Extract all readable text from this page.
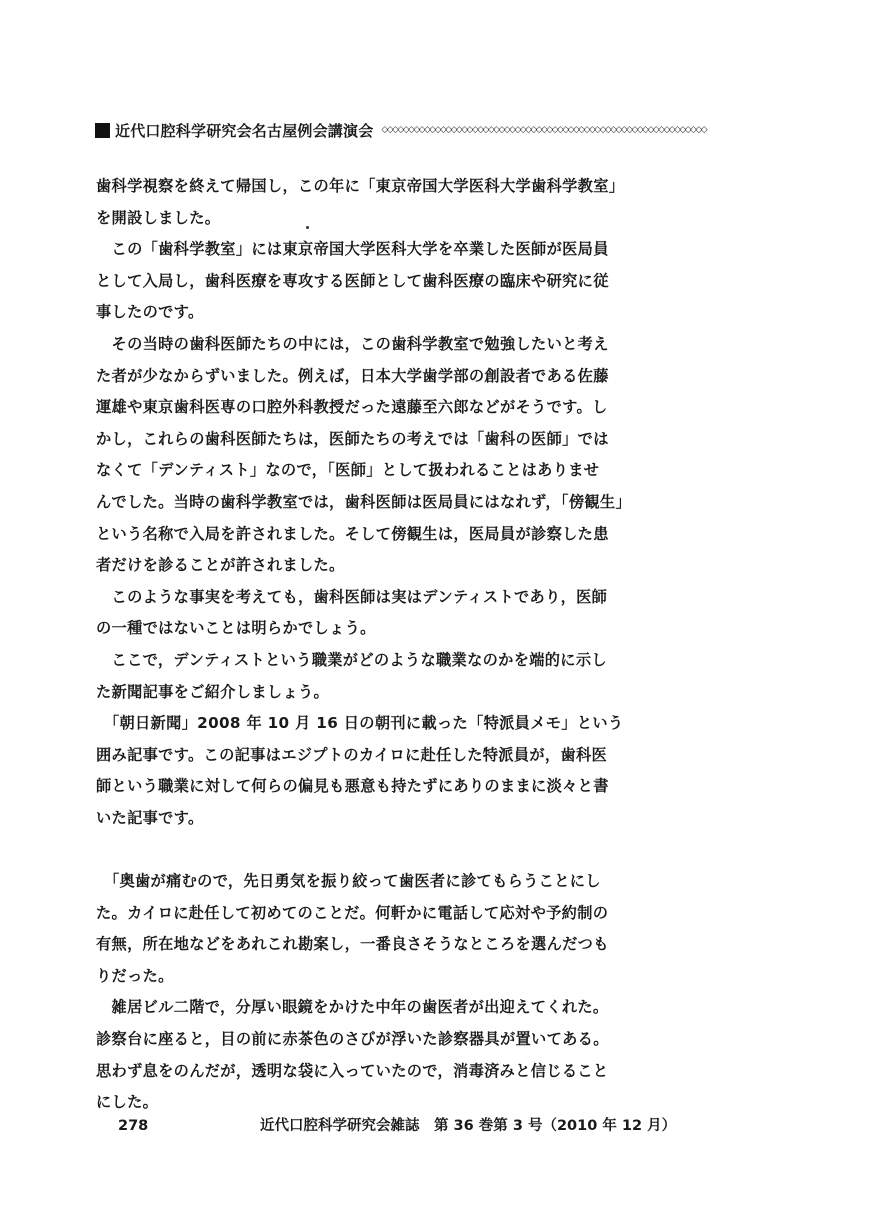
近代口腔科学研究会名古屋例会講演会 ◇◇◇◇◇◇◇◇◇◇◇◇◇◇◇◇◇◇◇◇◇◇◇◇◇◇◇◇◇◇◇◇◇◇◇◇◇◇◇◇◇◇◇◇◇◇◇◇◇◇◇◇◇◇◇◇◇◇◇◇◇
歯科学視察を終えて帰国し，この年に「東京帝国大学医科大学歯科学教室」
を開設しました。
　この「歯科学教室」には東京帝国大学医科大学を卒業した医師が医局員
として入局し，歯科医療を専攻する医師として歯科医療の臨床や研究に従
事したのです。
　その当時の歯科医師たちの中には，この歯科学教室で勉強したいと考え
た者が少なからずいました。例えば，日本大学歯学部の創設者である佐藤
運雄や東京歯科医専の口腔外科教授だった遠藤至六郎などがそうです。し
かし，これらの歯科医師たちは，医師たちの考えでは「歯科の医師」では
なくて「デンティスト」なので，「医師」として扱われることはありませ
んでした。当時の歯科学教室では，歯科医師は医局員にはなれず，「傍観生」
という名称で入局を許されました。そして傍観生は，医局員が診察した患
者だけを診ることが許されました。
　このような事実を考えても，歯科医師は実はデンティストであり，医師
の一種ではないことは明らかでしょう。
　ここで，デンティストという職業がどのような職業なのかを端的に示し
た新聞記事をご紹介しましょう。
　「朝日新聞」2008 年 10 月 16 日の朝刊に載った「特派員メモ」という
囲み記事です。この記事はエジプトのカイロに赴任した特派員が，歯科医
師という職業に対して何らの偏見も悪意も持たずにありのままに淡々と書
いた記事です。
　「奥歯が痛むので，先日勇気を振り絞って歯医者に診てもらうことにし
た。カイロに赴任して初めてのことだ。何軒かに電話して応対や予約制の
有無，所在地などをあれこれ勘案し，一番良さそうなところを選んだつも
りだった。
　雑居ビル二階で，分厚い眼鏡をかけた中年の歯医者が出迎えてくれた。
診察台に座ると，目の前に赤茶色のさびが浮いた診察器具が置いてある。
思わず息をのんだが，透明な袋に入っていたので，消毒済みと信じること
にした。
278	近代口腔科学研究会雑誌　第 36 巻第 3 号（2010 年 12 月）
